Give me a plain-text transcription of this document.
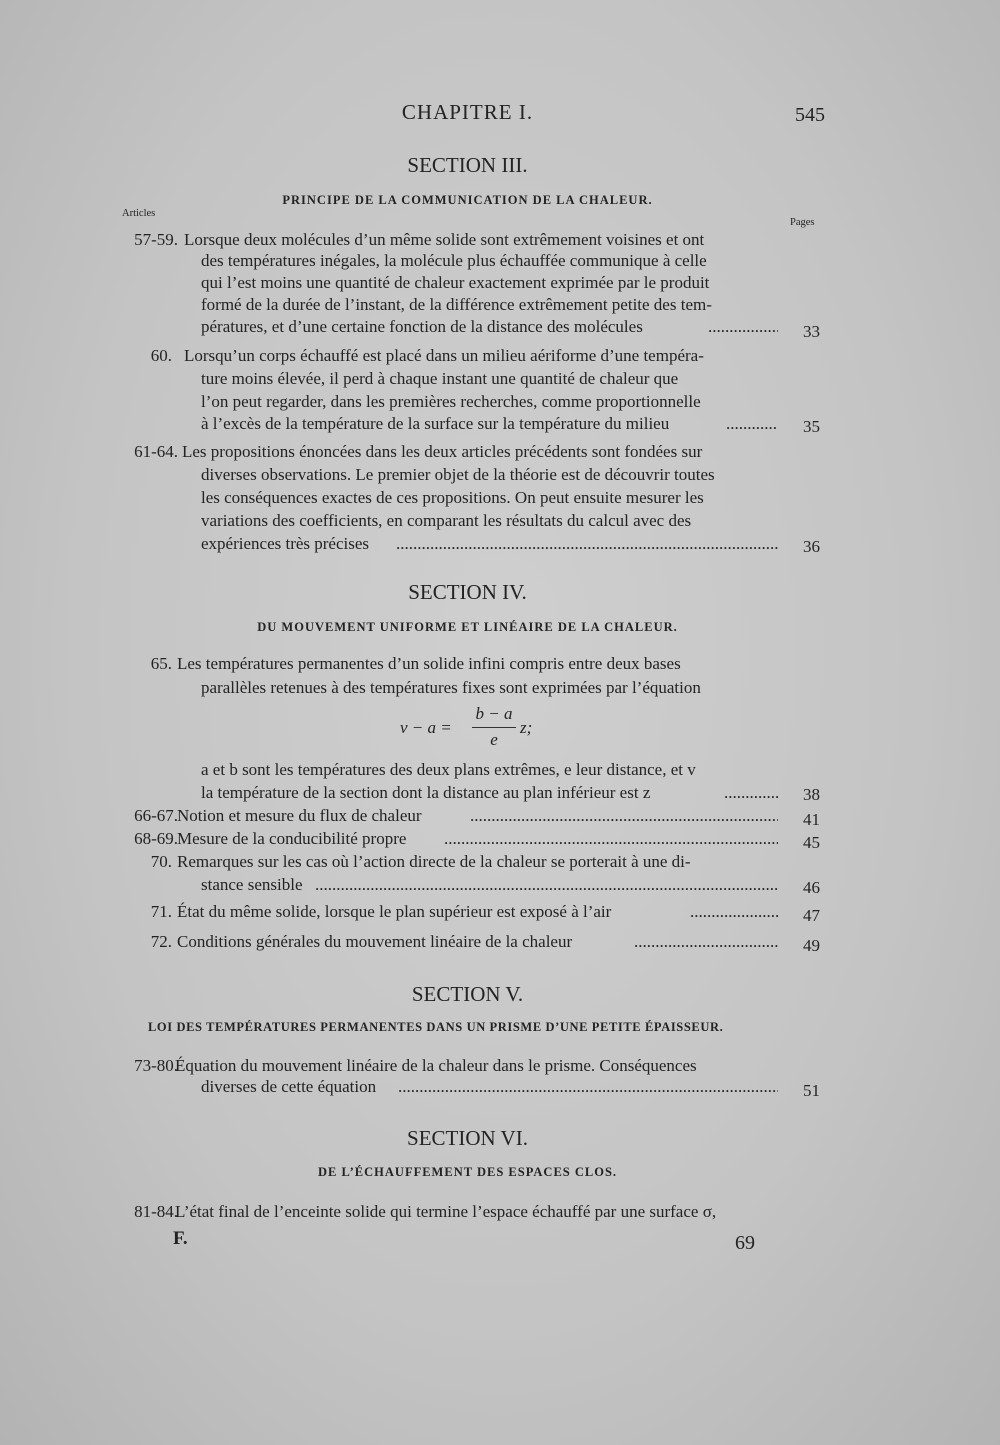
CHAPITRE I.	545
SECTION III.
PRINCIPE DE LA COMMUNICATION DE LA CHALEUR.
Articles
Pages
57-59. Lorsque deux molécules d’un même solide sont extrêmement voisines et ont
des températures inégales, la molécule plus échauffée communique à celle
qui l’est moins une quantité de chaleur exactement exprimée par le produit
formé de la durée de l’instant, de la différence extrêmement petite des tem-
pératures, et d’une certaine fonction de la distance des molécules .....	33
60. Lorsqu’un corps échauffé est placé dans un milieu aériforme d’une tempéra-
ture moins élevée, il perd à chaque instant une quantité de chaleur que
l’on peut regarder, dans les premières recherches, comme proportionnelle
à l’excès de la température de la surface sur la température du milieu .....	35
61-64. Les propositions énoncées dans les deux articles précédents sont fondées sur
diverses observations. Le premier objet de la théorie est de découvrir toutes
les conséquences exactes de ces propositions. On peut ensuite mesurer les
variations des coefficients, en comparant les résultats du calcul avec des
expériences très précises .....	36
SECTION IV.
DU MOUVEMENT UNIFORME ET LINÉAIRE DE LA CHALEUR.
65. Les températures permanentes d’un solide infini compris entre deux bases
parallèles retenues à des températures fixes sont exprimées par l’équation
v − a =
b − a
e
z;
a et b sont les températures des deux plans extrêmes, e leur distance, et v
la température de la section dont la distance au plan inférieur est z .....	38
66-67. Notion et mesure du flux de chaleur .....	41
68-69. Mesure de la conducibilité propre .....	45
70. Remarques sur les cas où l’action directe de la chaleur se porterait à une di-
stance sensible .....	46
71. État du même solide, lorsque le plan supérieur est exposé à l’air .....	47
72. Conditions générales du mouvement linéaire de la chaleur .....	49
SECTION V.
LOI DES TEMPÉRATURES PERMANENTES DANS UN PRISME D’UNE PETITE ÉPAISSEUR.
73-80.
Équation du mouvement linéaire de la chaleur dans le prisme. Conséquences
diverses de cette équation .....	51
SECTION VI.
DE L’ÉCHAUFFEMENT DES ESPACES CLOS.
81-84.
L’état final de l’enceinte solide qui termine l’espace échauffé par une surface σ,
F.	69
